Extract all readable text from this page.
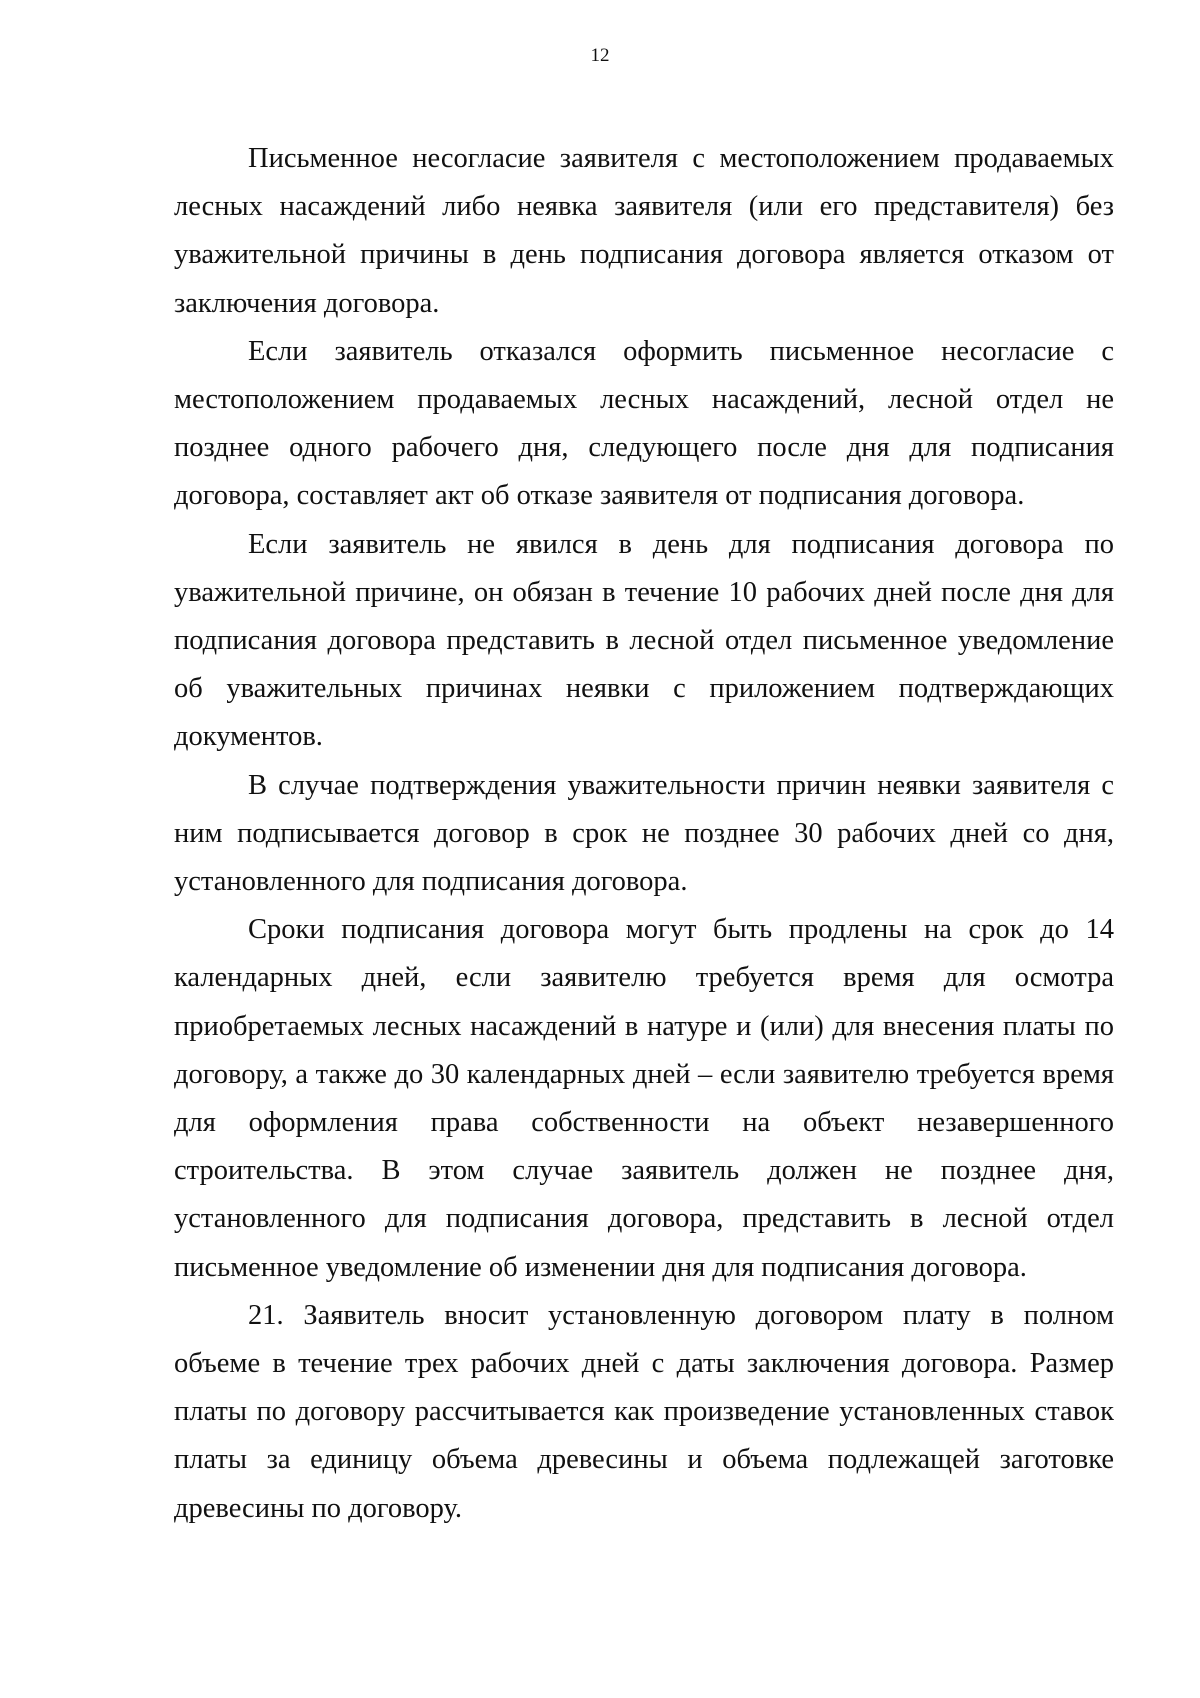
12

Письменное несогласие заявителя с местоположением продаваемых лесных насаждений либо неявка заявителя (или его представителя) без уважительной причины в день подписания договора является отказом от заключения договора.

Если заявитель отказался оформить письменное несогласие с местоположением продаваемых лесных насаждений, лесной отдел не позднее одного рабочего дня, следующего после дня для подписания договора, составляет акт об отказе заявителя от подписания договора.

Если заявитель не явился в день для подписания договора по уважительной причине, он обязан в течение 10 рабочих дней после дня для подписания договора представить в лесной отдел письменное уведомление об уважительных причинах неявки с приложением подтверждающих документов.

В случае подтверждения уважительности причин неявки заявителя с ним подписывается договор в срок не позднее 30 рабочих дней со дня, установленного для подписания договора.

Сроки подписания договора могут быть продлены на срок до 14 календарных дней, если заявителю требуется время для осмотра приобретаемых лесных насаждений в натуре и (или) для внесения платы по договору, а также до 30 календарных дней – если заявителю требуется время для оформления права собственности на объект незавершенного строительства. В этом случае заявитель должен не позднее дня, установленного для подписания договора, представить в лесной отдел письменное уведомление об изменении дня для подписания договора.

21. Заявитель вносит установленную договором плату в полном объеме в течение трех рабочих дней с даты заключения договора. Размер платы по договору рассчитывается как произведение установленных ставок платы за единицу объема древесины и объема подлежащей заготовке древесины по договору.
